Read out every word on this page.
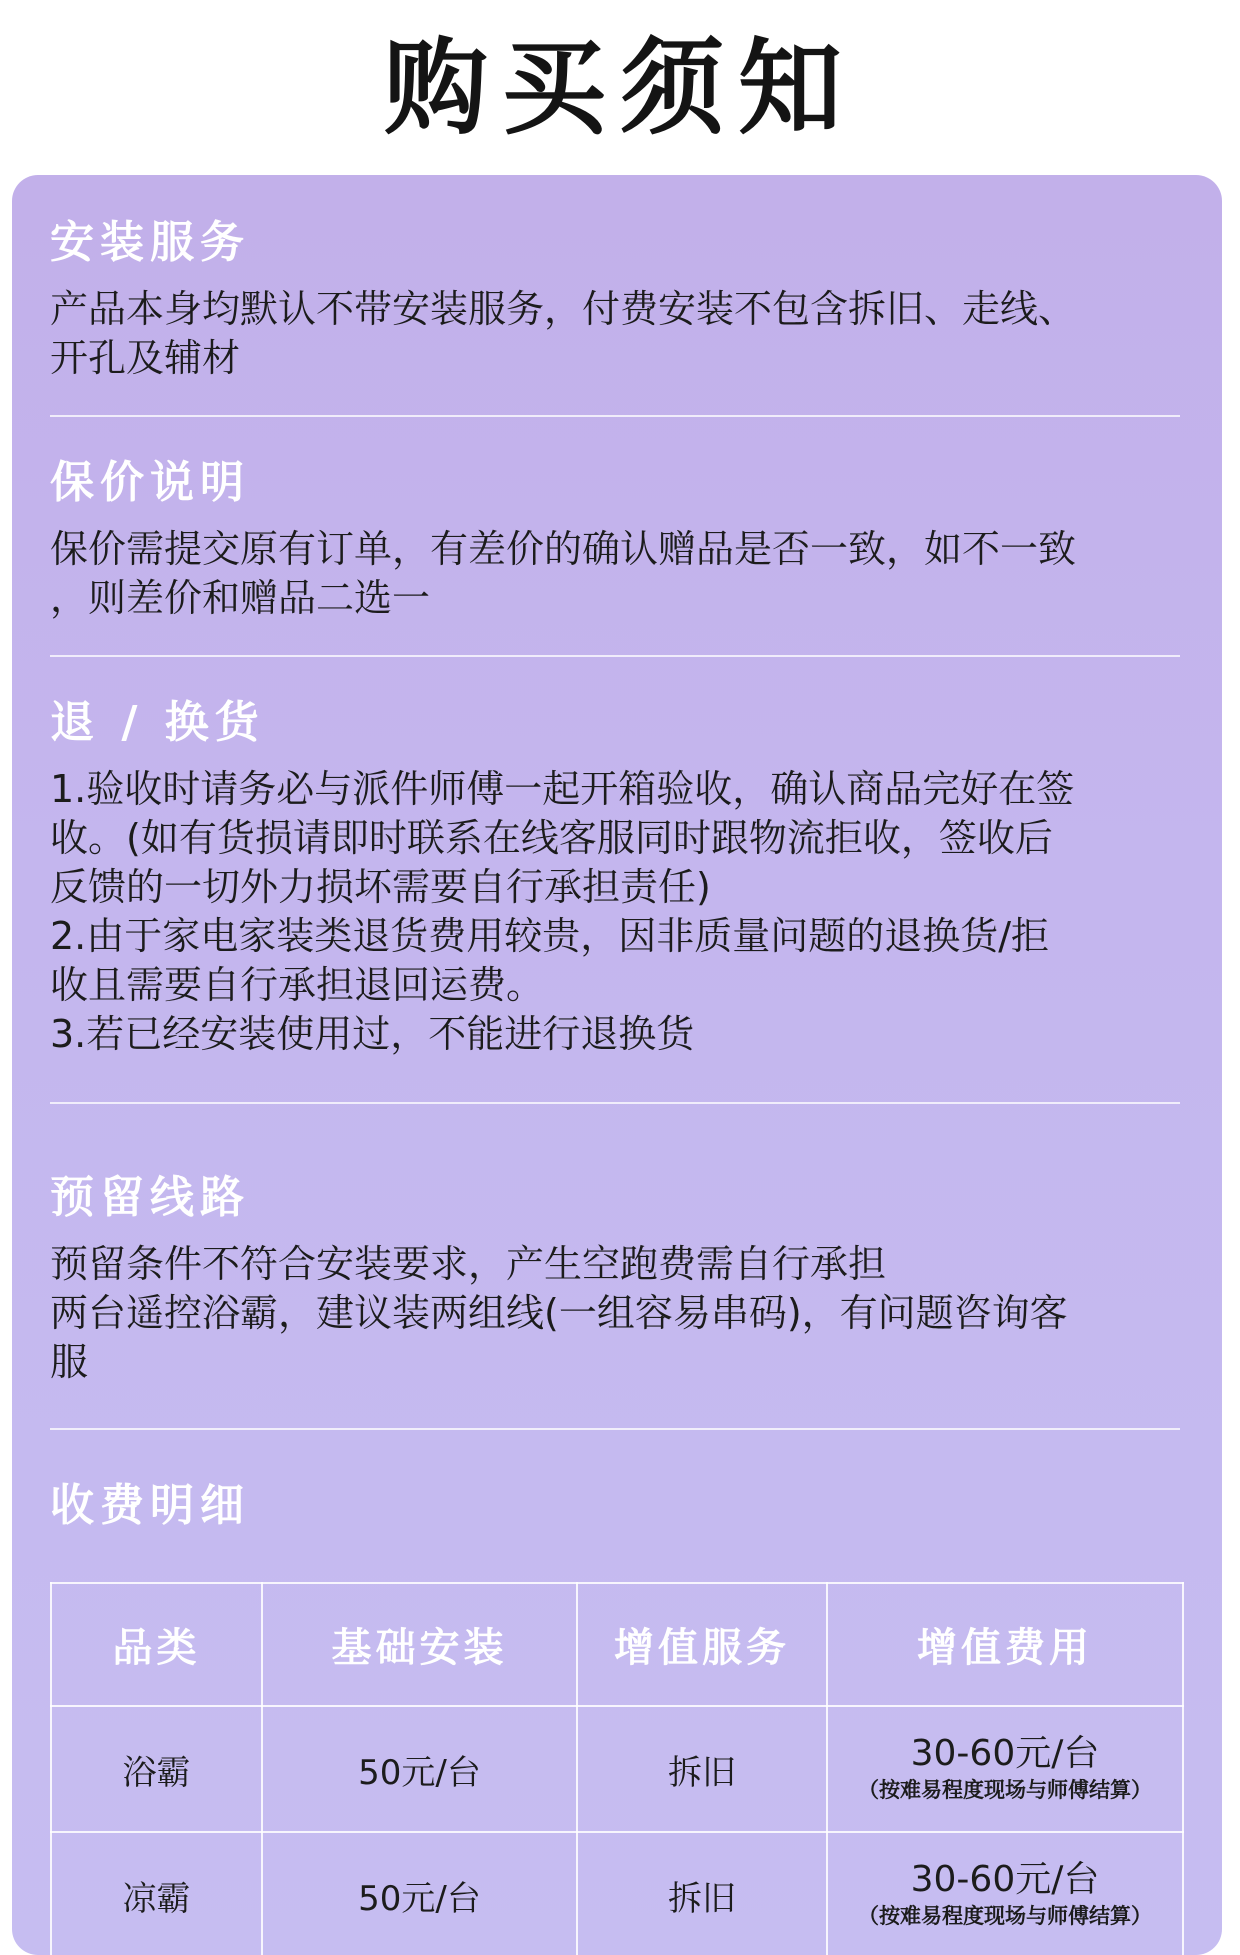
购买须知
安装服务

产品本身均默认不带安装服务，付费安装不包含拆旧、走线、

开孔及辅材

保价说明

保价需提交原有订单，有差价的确认赠品是否一致，如不一致

，则差价和赠品二选一

退 / 换货

1.验收时请务必与派件师傅一起开箱验收，确认商品完好在签

收。(如有货损请即时联系在线客服同时跟物流拒收，签收后

反馈的一切外力损坏需要自行承担责任)

2.由于家电家装类退货费用较贵，因非质量问题的退换货/拒

收且需要自行承担退回运费。

3.若已经安装使用过，不能进行退换货

预留线路

预留条件不符合安装要求，产生空跑费需自行承担

两台遥控浴霸，建议装两组线(一组容易串码)，有问题咨询客

服

收费明细
品类	基础安装	增值服务	增值费用
浴霸	50元/台	拆旧	30-60元/台
（按难易程度现场与师傅结算）

凉霸	50元/台	拆旧	30-60元/台
（按难易程度现场与师傅结算）
